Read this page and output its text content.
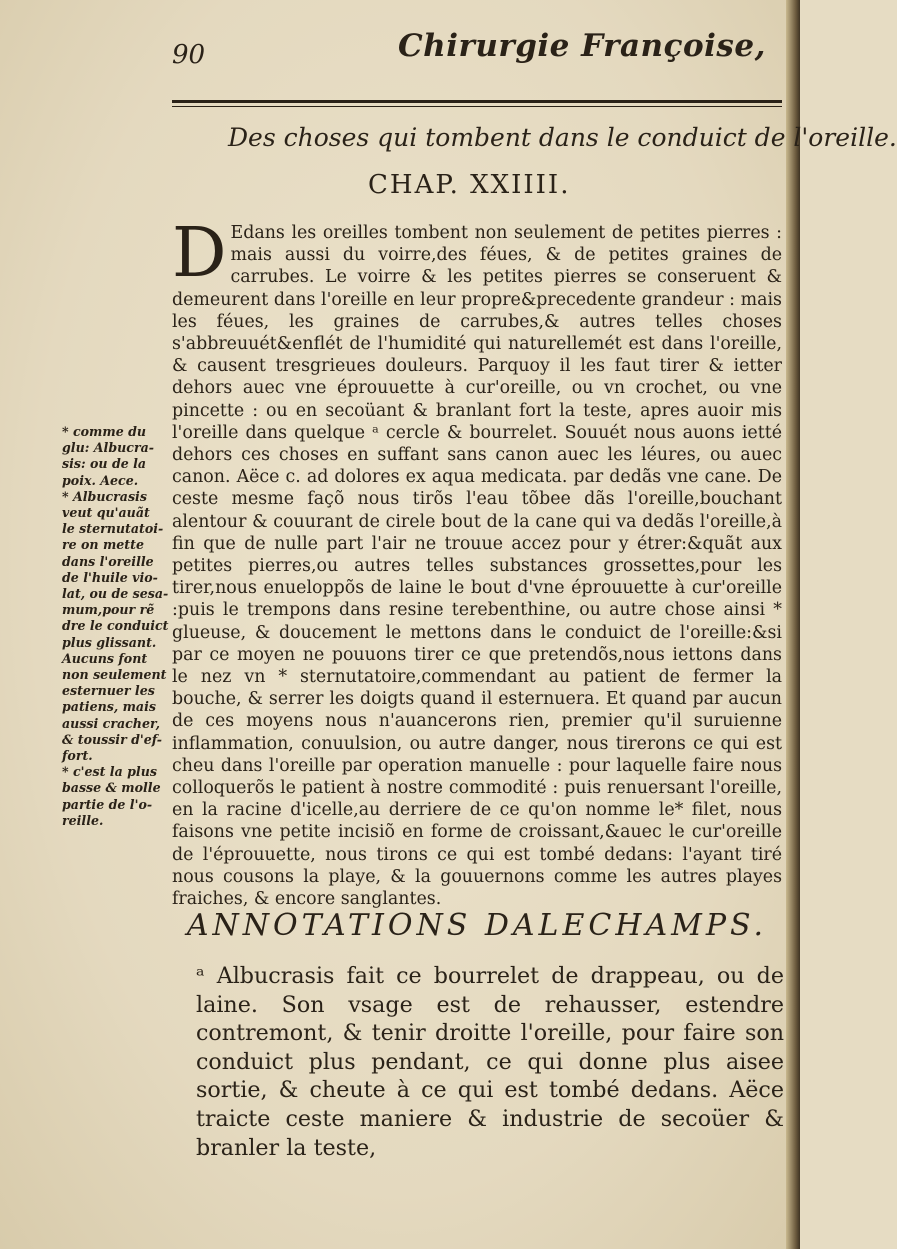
90	Chirurgie Françoise,
Des choses qui tombent dans le conduict de l'oreille.
CHAP. XXIIII.

D Edans les oreilles tombent non seulement de petites pierres : mais aussi du voirre,des féues, & de petites graines de carrubes. Le voirre & les petites pierres se conseruent & demeurent dans l'oreille en leur propre&precedente grandeur : mais les féues, les graines de carrubes,& autres telles choses s'abbreuuét&enflét de l'humidité qui naturellemét est dans l'oreille, & causent tresgrieues douleurs. Parquoy il les faut tirer & ietter dehors auec vne éprouuette à cur'oreille, ou vn crochet, ou vne pincette : ou en secoüant & branlant fort la teste, apres auoir mis l'oreille dans quelque ᵃ cercle & bourrelet. Souuét nous auons ietté dehors ces choses en suffant sans canon auec les léures, ou auec canon. Aëce c. ad dolores ex aqua medicata. par dedãs vne cane. De ceste mesme façõ nous tirõs l'eau tõbee dãs l'oreille,bouchant alentour & couurant de cirele bout de la cane qui va dedãs l'oreille,à fin que de nulle part l'air ne trouue accez pour y étrer:&quãt aux petites pierres,ou autres telles substances grossettes,pour les tirer,nous enueloppõs de laine le bout d'vne éprouuette à cur'oreille :puis le trempons dans resine terebenthine, ou autre chose ainsi * glueuse, & doucement le mettons dans le conduict de l'oreille:&si par ce moyen ne pouuons tirer ce que pretendõs,nous iettons dans le nez vn * sternutatoire,commendant au patient de fermer la bouche, & serrer les doigts quand il esternuera. Et quand par aucun de ces moyens nous n'auancerons rien, premier qu'il suruienne inflammation, conuulsion, ou autre danger, nous tirerons ce qui est cheu dans l'oreille par operation manuelle : pour laquelle faire nous colloquerõs le patient à nostre commodité : puis renuersant l'oreille, en la racine d'icelle,au derriere de ce qu'on nomme le* filet, nous faisons vne petite incisiõ en forme de croissant,&auec le cur'oreille de l'éprouuette, nous tirons ce qui est tombé dedans: l'ayant tiré nous cousons la playe, & la gouuernons comme les autres playes fraiches, & encore sanglantes.

* comme du
glu: Albucra-
sis: ou de la
poix. Aece.
* Albucrasis
veut qu'auãt
le sternutatoi-
re on mette
dans l'oreille
de l'huile vio-
lat, ou de sesa-
mum,pour rẽ
dre le conduict
plus glissant.
Aucuns font
non seulement
esternuer les
patiens, mais
aussi cracher,
& toussir d'ef-
fort.
* c'est la plus
basse & molle
partie de l'o-
reille.
ANNOTATIONS DALECHAMPS.

ᵃ Albucrasis fait ce bourrelet de drappeau, ou de laine. Son vsage est de rehausser, estendre contremont, & tenir droitte l'oreille, pour faire son conduict plus pendant, ce qui donne plus aisee sortie, & cheute à ce qui est tombé dedans. Aëce traicte ceste maniere & industrie de secoüer & branler la teste,
